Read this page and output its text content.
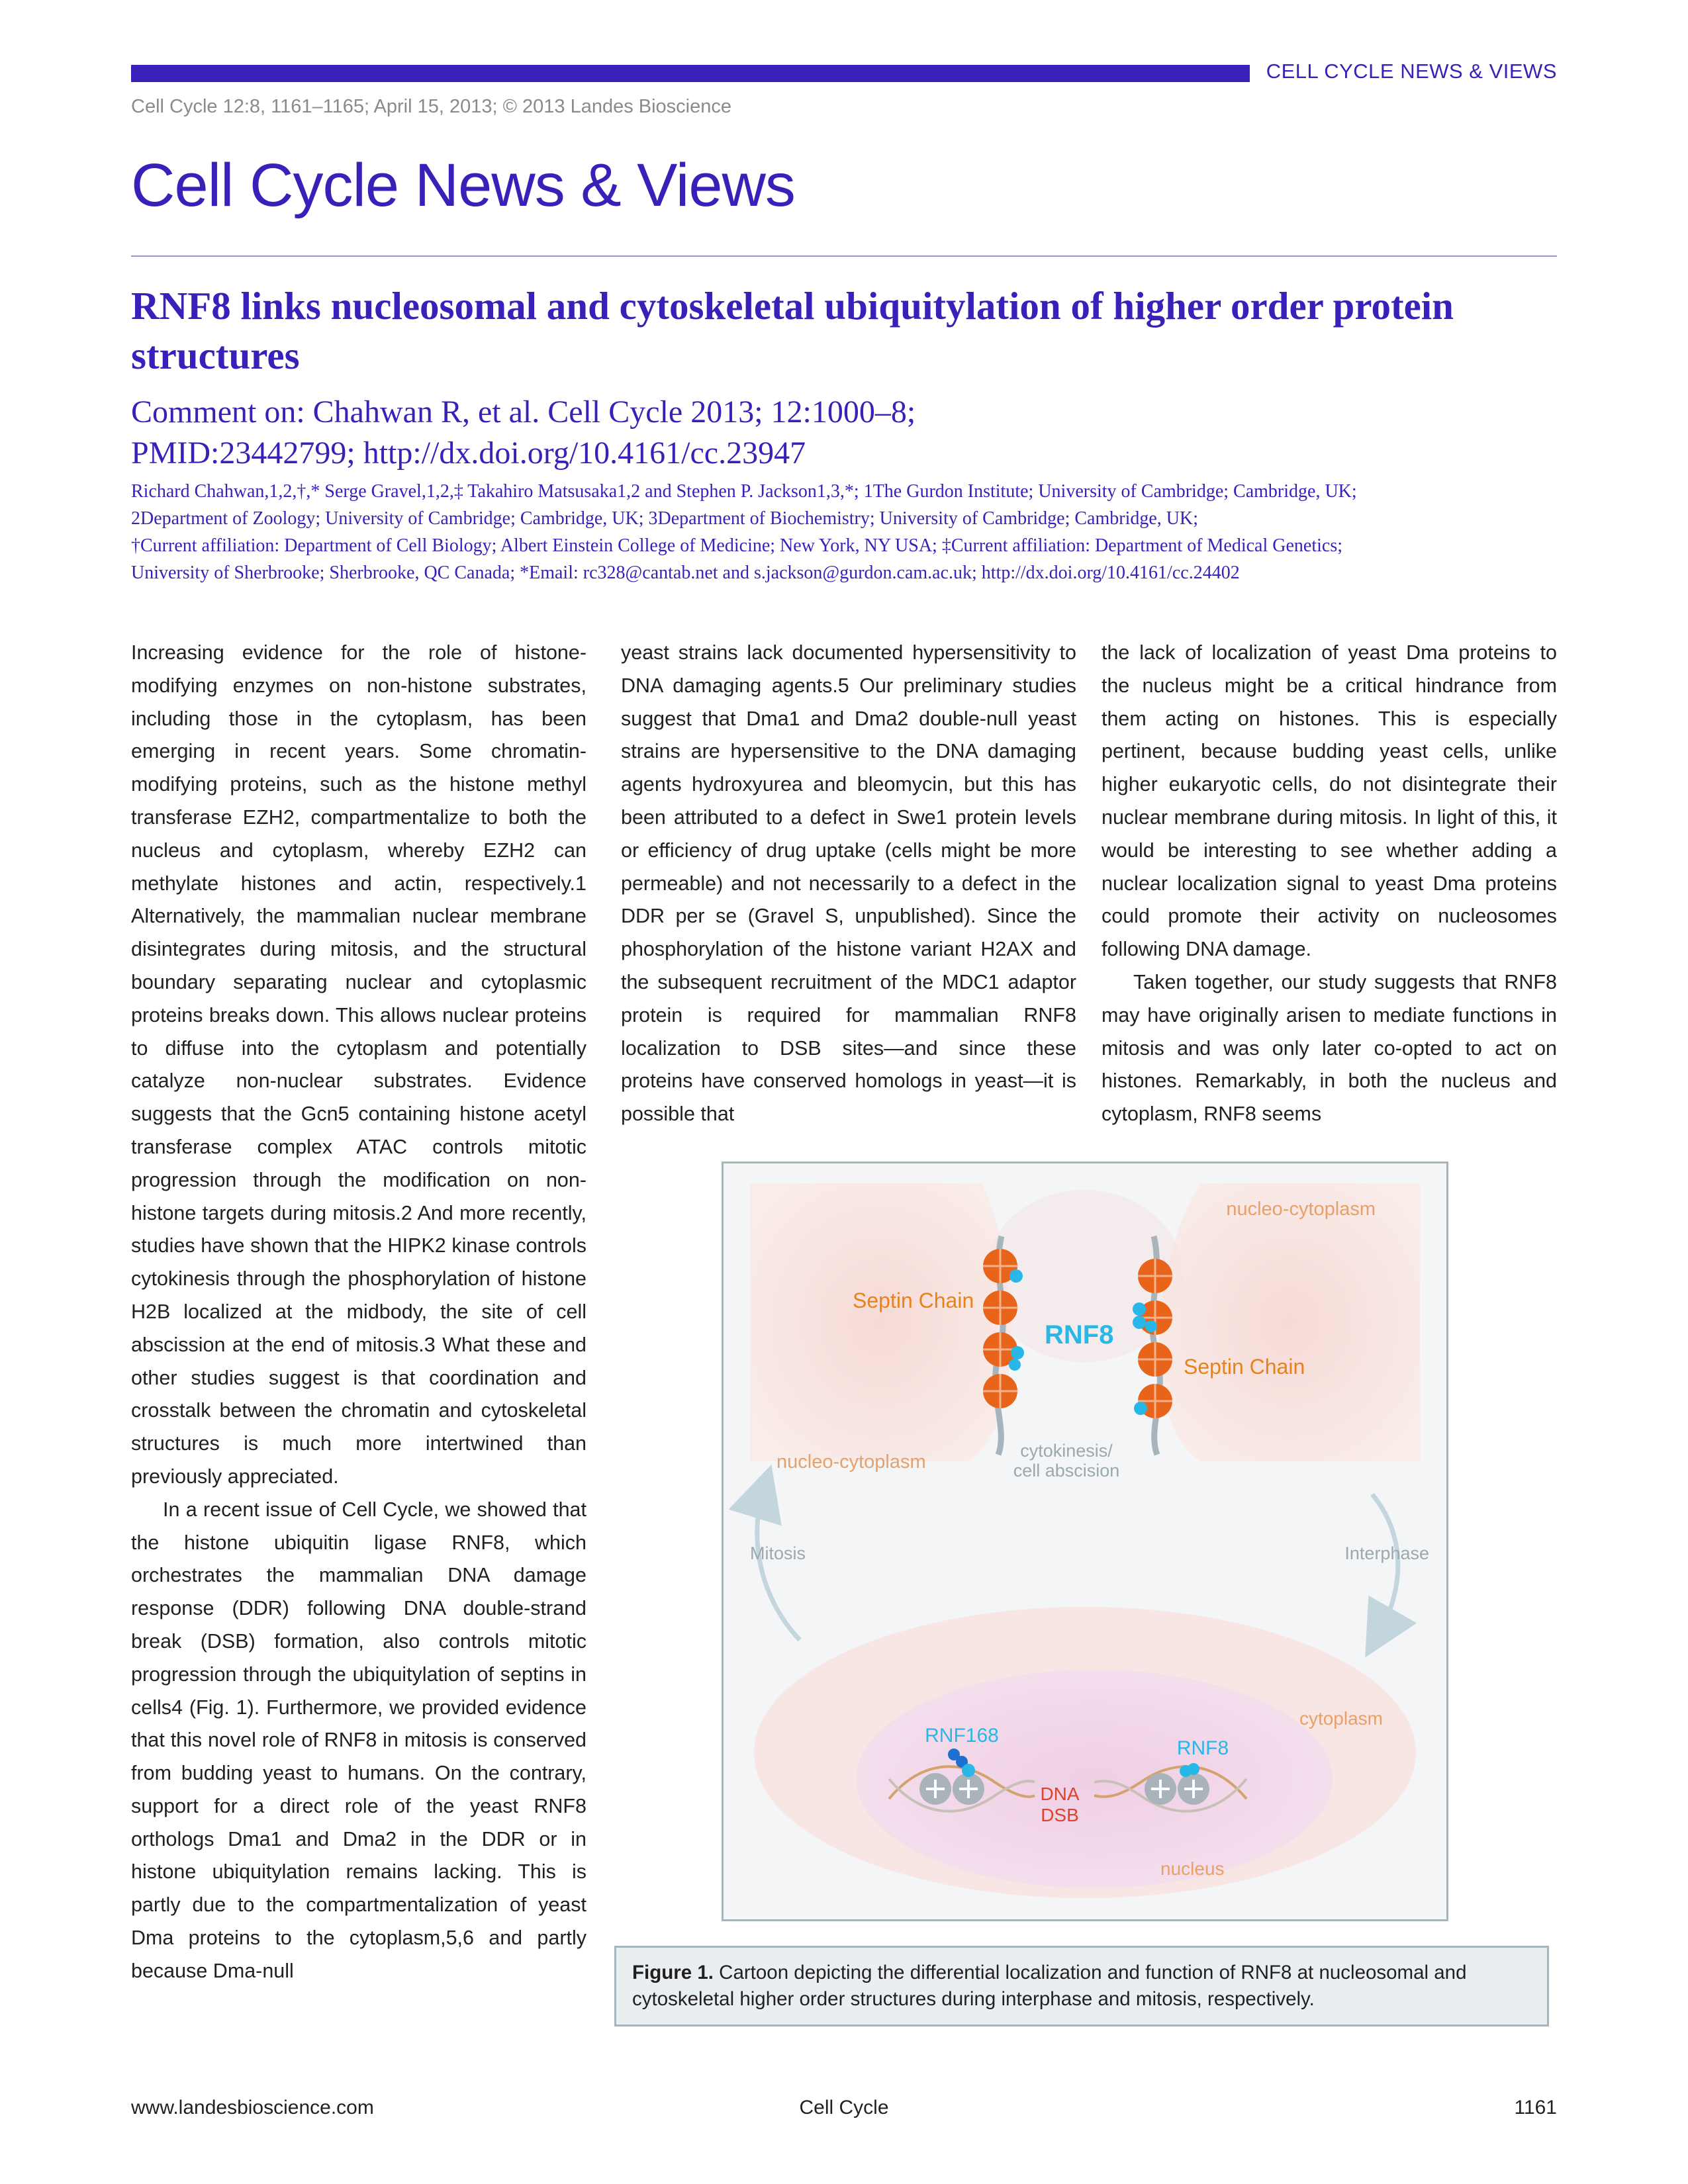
CELL CYCLE NEWS & VIEWS
Cell Cycle 12:8, 1161–1165; April 15, 2013; © 2013 Landes Bioscience
Cell Cycle News & Views
RNF8 links nucleosomal and cytoskeletal ubiquitylation of higher order protein structures
Comment on: Chahwan R, et al. Cell Cycle 2013; 12:1000–8;
PMID:23442799; http://dx.doi.org/10.4161/cc.23947
Richard Chahwan,1,2,†,* Serge Gravel,1,2,‡ Takahiro Matsusaka1,2 and Stephen P. Jackson1,3,*; 1The Gurdon Institute; University of Cambridge; Cambridge, UK;
2Department of Zoology; University of Cambridge; Cambridge, UK; 3Department of Biochemistry; University of Cambridge; Cambridge, UK;
†Current affiliation: Department of Cell Biology; Albert Einstein College of Medicine; New York, NY USA; ‡Current affiliation: Department of Medical Genetics;
University of Sherbrooke; Sherbrooke, QC Canada; *Email: rc328@cantab.net and s.jackson@gurdon.cam.ac.uk; http://dx.doi.org/10.4161/cc.24402

Increasing evidence for the role of histone-modifying enzymes on non-histone substrates, including those in the cytoplasm, has been emerging in recent years. Some chromatin-modifying proteins, such as the histone methyl transferase EZH2, compartmentalize to both the nucleus and cytoplasm, whereby EZH2 can methylate histones and actin, respectively.1 Alternatively, the mammalian nuclear membrane disintegrates during mitosis, and the structural boundary separating nuclear and cytoplasmic proteins breaks down. This allows nuclear proteins to diffuse into the cytoplasm and potentially catalyze non-nuclear substrates. Evidence suggests that the Gcn5 containing histone acetyl transferase complex ATAC controls mitotic progression through the modification on non-histone targets during mitosis.2 And more recently, studies have shown that the HIPK2 kinase controls cytokinesis through the phosphorylation of histone H2B localized at the midbody, the site of cell abscission at the end of mitosis.3 What these and other studies suggest is that coordination and crosstalk between the chromatin and cytoskeletal structures is much more intertwined than previously appreciated.

In a recent issue of Cell Cycle, we showed that the histone ubiquitin ligase RNF8, which orchestrates the mammalian DNA damage response (DDR) following DNA double-strand break (DSB) formation, also controls mitotic progression through the ubiquitylation of septins in cells4 (Fig. 1). Furthermore, we provided evidence that this novel role of RNF8 in mitosis is conserved from budding yeast to humans. On the contrary, support for a direct role of the yeast RNF8 orthologs Dma1 and Dma2 in the DDR or in histone ubiquitylation remains lacking. This is partly due to the compartmentalization of yeast Dma proteins to the cytoplasm,5,6 and partly because Dma-null

yeast strains lack documented hypersensitivity to DNA damaging agents.5 Our preliminary studies suggest that Dma1 and Dma2 double-null yeast strains are hypersensitive to the DNA damaging agents hydroxyurea and bleomycin, but this has been attributed to a defect in Swe1 protein levels or efficiency of drug uptake (cells might be more permeable) and not necessarily to a defect in the DDR per se (Gravel S, unpublished). Since the phosphorylation of the histone variant H2AX and the subsequent recruitment of the MDC1 adaptor protein is required for mammalian RNF8 localization to DSB sites—and since these proteins have conserved homologs in yeast—it is possible that

the lack of localization of yeast Dma proteins to the nucleus might be a critical hindrance from them acting on histones. This is especially pertinent, because budding yeast cells, unlike higher eukaryotic cells, do not disintegrate their nuclear membrane during mitosis. In light of this, it would be interesting to see whether adding a nuclear localization signal to yeast Dma proteins could promote their activity on nucleosomes following DNA damage.

Taken together, our study suggests that RNF8 may have originally arisen to mediate functions in mitosis and was only later co-opted to act on histones. Remarkably, in both the nucleus and cytoplasm, RNF8 seems

nucleo-cytoplasm
Septin Chain
RNF8
Septin Chain
nucleo-cytoplasm
cytokinesis/
cell abscision
Mitosis	Interphase
cytoplasm
nucleus
RNF168
DNA
DSB
RNF8
Figure 1. Cartoon depicting the differential localization and function of RNF8 at nucleosomal and cytoskeletal higher order structures during interphase and mitosis, respectively.
www.landesbioscience.com	Cell Cycle	1161
